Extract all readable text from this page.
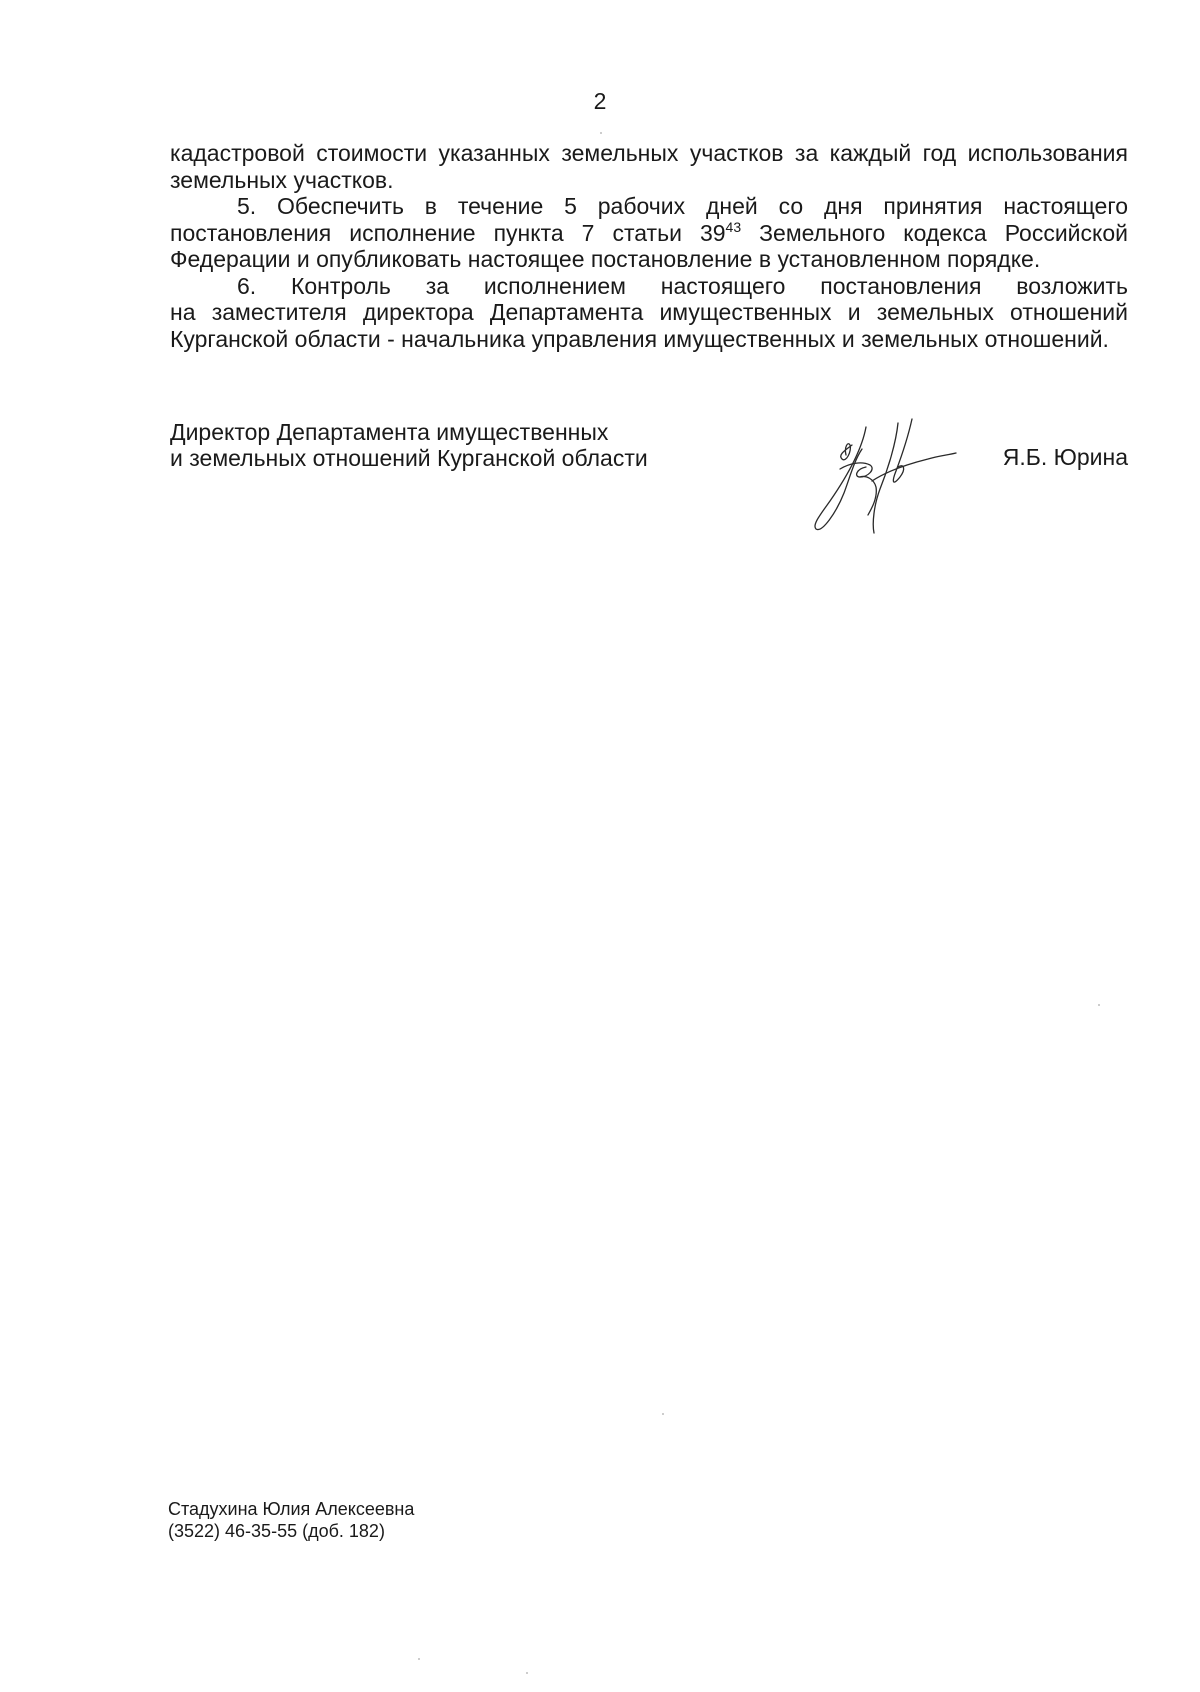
2

кадастровой стоимости указанных земельных участков за каждый год использования земельных участков.

5. Обеспечить в течение 5 рабочих дней со дня принятия настоящего постановления исполнение пункта 7 статьи $39^{43}$ Земельного кодекса Российской Федерации и опубликовать настоящее постановление в установленном порядке.

6. Контроль за исполнением настоящего постановления возложить

на заместителя директора Департамента имущественных и земельных отношений Курганской области - начальника управления имущественных и земельных отношений.

Директор Департамента имущественных
и земельных отношений Курганской области	Я.Б. Юрина
Стадухина Юлия Алексеевна
(3522) 46-35-55 (доб. 182)
